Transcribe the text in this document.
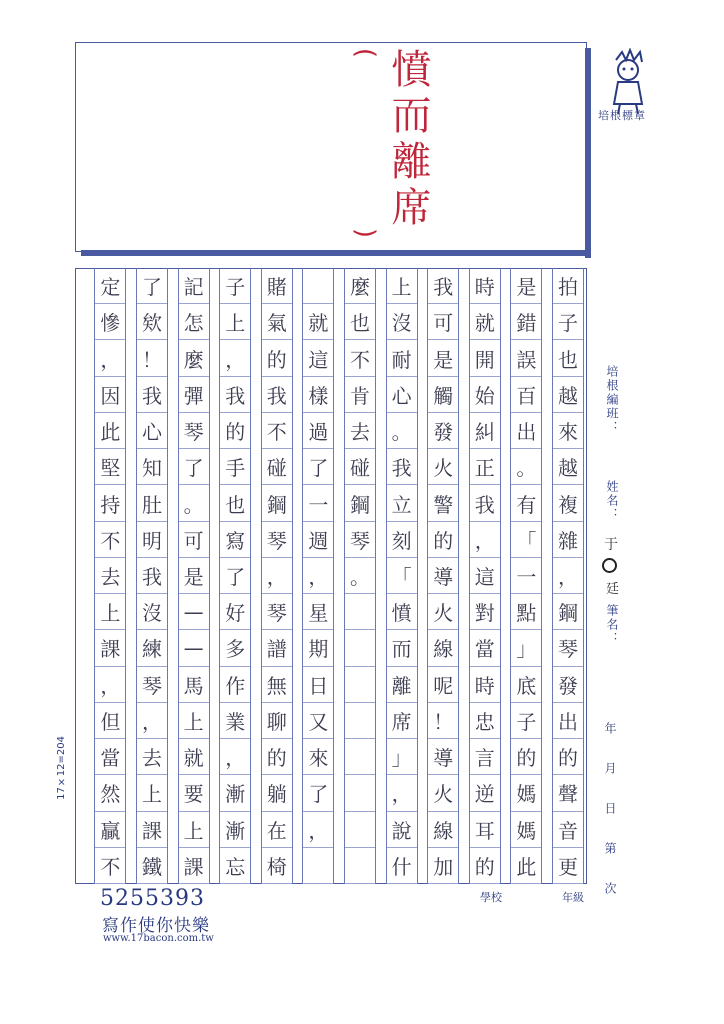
( 憤而離席
)
培根標章
拍
子
也
越
來
越
複
雜
，
鋼
琴
發
出
的
聲
音
更
是
錯
誤
百
出
。
有
「
一
點
」
底
子
的
媽
媽
此
時
就
開
始
糾
正
我
，
這
對
當
時
忠
言
逆
耳
的
我
可
是
觸
發
火
警
的
導
火
線
呢
！
導
火
線
加
上
沒
耐
心
。
我
立
刻
「
憤
而
離
席
」
，
說
什
麼
也
不
肯
去
碰
鋼
琴
。
就
這
樣
過
了
一
週
，
星
期
日
又
來
了
，
賭
氣
的
我
不
碰
鋼
琴
，
琴
譜
無
聊
的
躺
在
椅
子
上
，
我
的
手
也
寫
了
好
多
作
業
，
漸
漸
忘
記
怎
麼
彈
琴
了
。
可
是
—
—
馬
上
就
要
上
課
了
欸
！
我
心
知
肚
明
我
沒
練
琴
，
去
上
課
鐵
定
慘
，
因
此
堅
持
不
去
上
課
，
但
當
然
贏
不
培根編班：
姓名：
于
廷
筆名：
年月日第次
17×12=204
5255393
寫作使你快樂
www.17bacon.com.tw
學校	年級
